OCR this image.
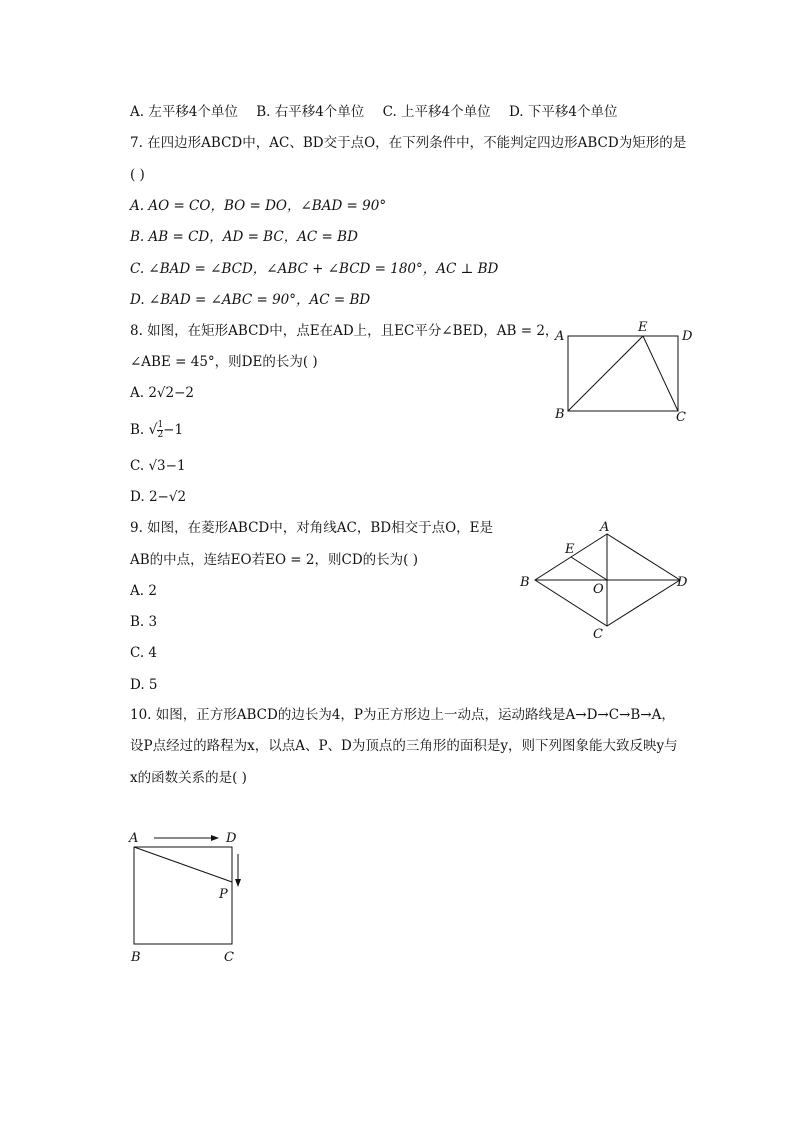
A. 左平移4个单位 B. 右平移4个单位 C. 上平移4个单位 D. 下平移4个单位
7. 在四边形ABCD中，AC、BD交于点O，在下列条件中，不能判定四边形ABCD为矩形的是
( )
A. AO = CO，BO = DO，∠BAD = 90°
B. AB = CD，AD = BC，AC = BD
C. ∠BAD = ∠BCD，∠ABC + ∠BCD = 180°，AC ⊥ BD
D. ∠BAD = ∠ABC = 90°，AC = BD
8. 如图，在矩形ABCD中，点E在AD上，且EC平分∠BED，AB = 2，
∠ABE = 45°，则DE的长为( )
A. 2√2−2
B. √ $\frac{1}{2} -1$
C. √3−1
D. 2−√2
A
E
D
B	C
9. 如图，在菱形ABCD中，对角线AC，BD相交于点O，E是
AB的中点，连结EO若EO = 2，则CD的长为( )
A. 2
B. 3
C. 4
D. 5
A
E
B	O	D
C
10. 如图，正方形ABCD的边长为4，P为正方形边上一动点，运动路线是A→D→C→B→A，
设P点经过的路程为x，以点A、P、D为顶点的三角形的面积是y，则下列图象能大致反映y与
x的函数关系的是( )
A	D
P
B	C
